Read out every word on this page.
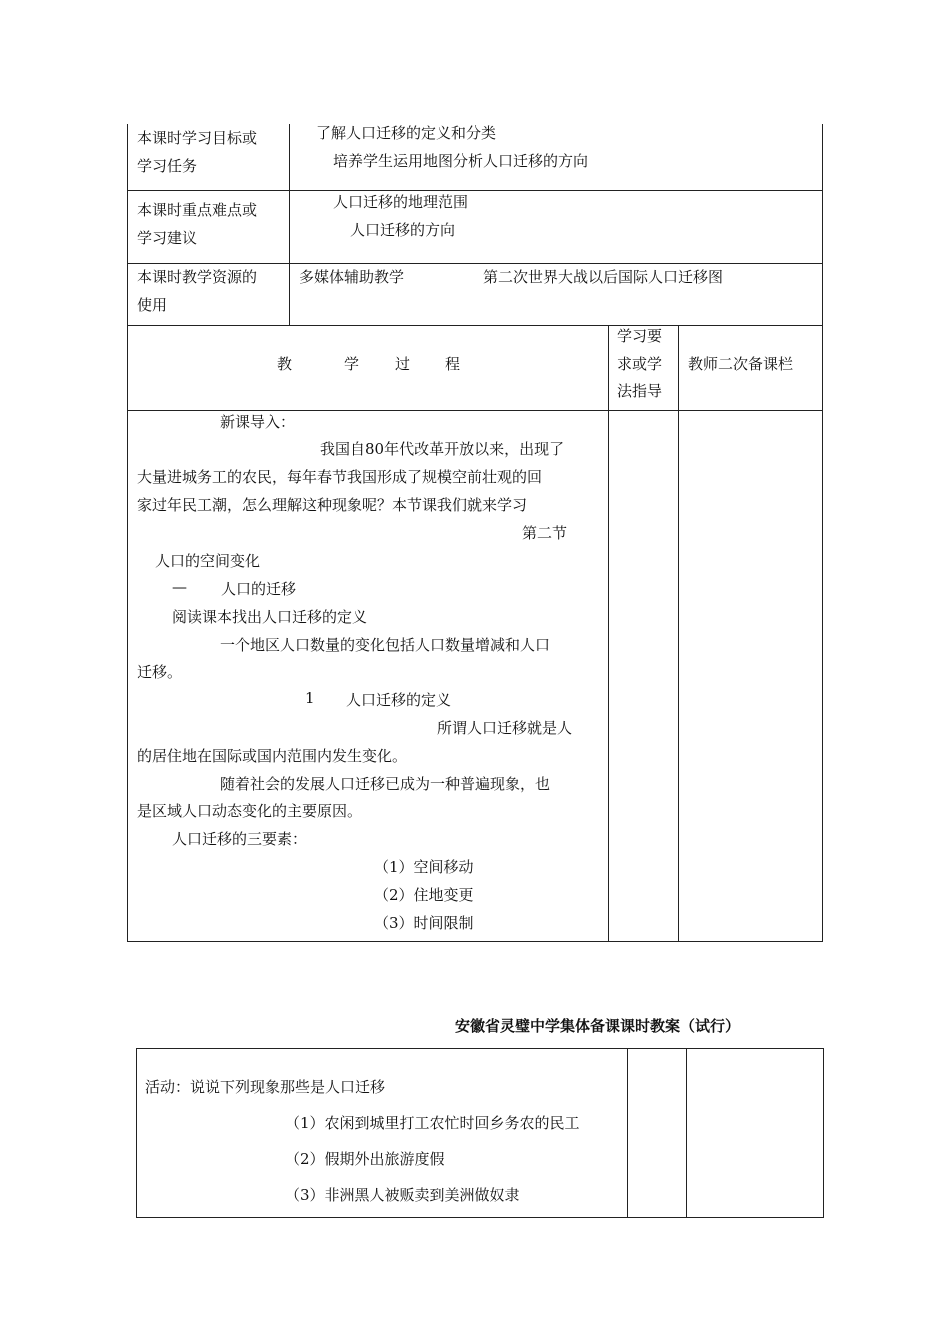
本课时学习目标或
学习任务
了解人口迁移的定义和分类
培养学生运用地图分析人口迁移的方向
本课时重点难点或
学习建议
人口迁移的地理范围
人口迁移的方向
本课时教学资源的
使用
多媒体辅助教学	第二次世界大战以后国际人口迁移图
教	学 过 程
学习要
求或学
法指导
教师二次备课栏
新课导入：
我国自80年代改革开放以来，出现了
大量进城务工的农民，每年春节我国形成了规模空前壮观的回
家过年民工潮，怎么理解这种现象呢？本节课我们就来学习
第二节
人口的空间变化
— 人口的迁移
阅读课本找出人口迁移的定义
一个地区人口数量的变化包括人口数量增减和人口
迁移。
1 人口迁移的定义
所谓人口迁移就是人
的居住地在国际或国内范围内发生变化。
随着社会的发展人口迁移已成为一种普遍现象，也
是区域人口动态变化的主要原因。
人口迁移的三要素：
（1）空间移动
（2）住地变更
（3）时间限制
安徽省灵璧中学集体备课课时教案（试行）
活动：说说下列现象那些是人口迁移
（1）农闲到城里打工农忙时回乡务农的民工
（2）假期外出旅游度假
（3）非洲黑人被贩卖到美洲做奴隶
